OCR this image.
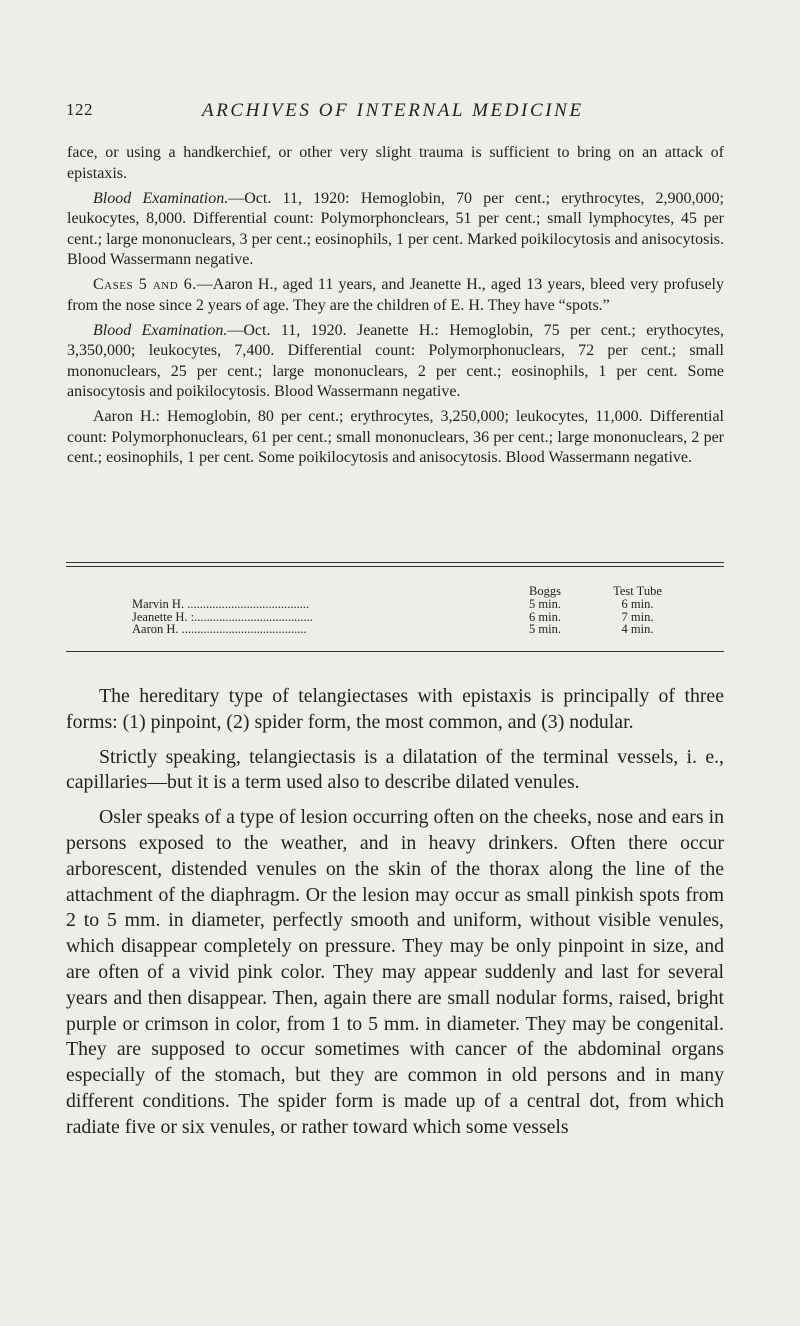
122	ARCHIVES OF INTERNAL MEDICINE

face, or using a handkerchief, or other very slight trauma is sufficient to bring on an attack of epistaxis.

Blood Examination.—Oct. 11, 1920: Hemoglobin, 70 per cent.; erythrocytes, 2,900,000; leukocytes, 8,000. Differential count: Polymorphonclears, 51 per cent.; small lymphocytes, 45 per cent.; large mononuclears, 3 per cent.; eosinophils, 1 per cent. Marked poikilocytosis and anisocytosis. Blood Wassermann negative.

Cases 5 and 6.—Aaron H., aged 11 years, and Jeanette H., aged 13 years, bleed very profusely from the nose since 2 years of age. They are the children of E. H. They have “spots.”

Blood Examination.—Oct. 11, 1920. Jeanette H.: Hemoglobin, 75 per cent.; erythocytes, 3,350,000; leukocytes, 7,400. Differential count: Polymorphonuclears, 72 per cent.; small mononuclears, 25 per cent.; large mononuclears, 2 per cent.; eosinophils, 1 per cent. Some anisocytosis and poikilocytosis. Blood Wassermann negative.

Aaron H.: Hemoglobin, 80 per cent.; erythrocytes, 3,250,000; leukocytes, 11,000. Differential count: Polymorphonuclears, 61 per cent.; small mononuclears, 36 per cent.; large mononuclears, 2 per cent.; eosinophils, 1 per cent. Some poikilocytosis and anisocytosis. Blood Wassermann negative.

Boggs	Test Tube
Marvin H. .......................................	5 min.	6 min.
Jeanette H. :......................................	6 min.	7 min.
Aaron H. ........................................	5 min.	4 min.

The hereditary type of telangiectases with epistaxis is principally of three forms: (1) pinpoint, (2) spider form, the most common, and (3) nodular.

Strictly speaking, telangiectasis is a dilatation of the terminal vessels, i. e., capillaries—but it is a term used also to describe dilated venules.

Osler speaks of a type of lesion occurring often on the cheeks, nose and ears in persons exposed to the weather, and in heavy drinkers. Often there occur arborescent, distended venules on the skin of the thorax along the line of the attachment of the diaphragm. Or the lesion may occur as small pinkish spots from 2 to 5 mm. in diameter, perfectly smooth and uniform, without visible venules, which disappear completely on pressure. They may be only pinpoint in size, and are often of a vivid pink color. They may appear suddenly and last for several years and then disappear. Then, again there are small nodular forms, raised, bright purple or crimson in color, from 1 to 5 mm. in diameter. They may be congenital. They are supposed to occur sometimes with cancer of the abdominal organs especially of the stomach, but they are common in old persons and in many different conditions. The spider form is made up of a central dot, from which radiate five or six venules, or rather toward which some vessels
